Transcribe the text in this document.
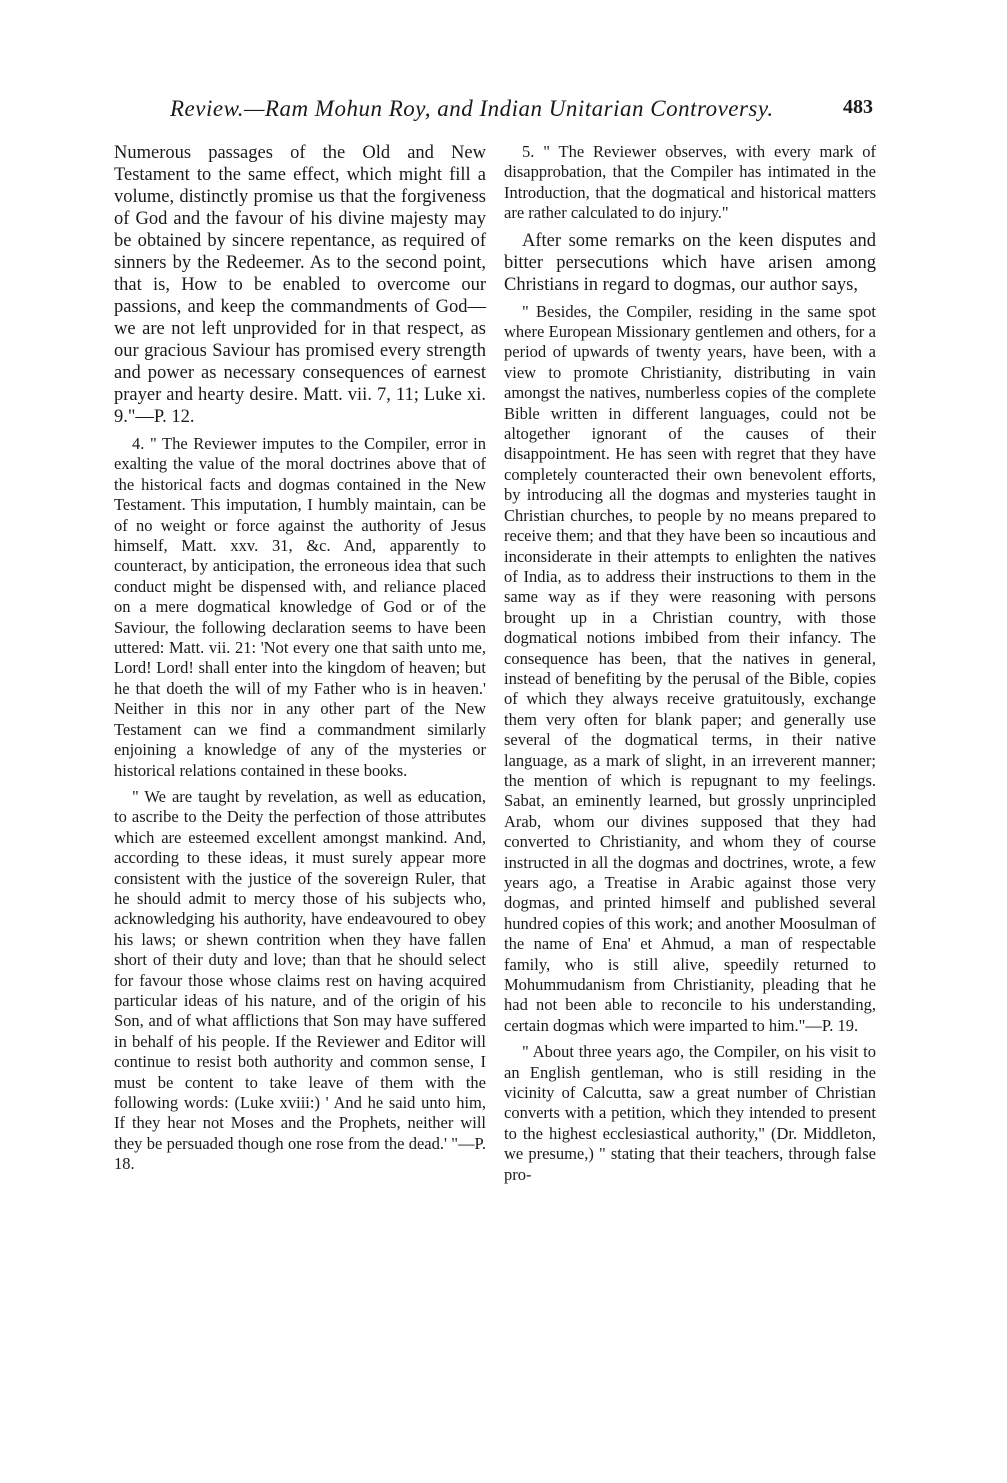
Review.—Ram Mohun Roy, and Indian Unitarian Controversy.	483

Numerous passages of the Old and New Testament to the same effect, which might fill a volume, distinctly promise us that the forgiveness of God and the favour of his divine majesty may be obtained by sincere repentance, as required of sinners by the Redeemer. As to the second point, that is, How to be enabled to overcome our passions, and keep the commandments of God—we are not left unprovided for in that respect, as our gracious Saviour has promised every strength and power as necessary consequences of earnest prayer and hearty desire. Matt. vii. 7, 11; Luke xi. 9."—P. 12.

4. " The Reviewer imputes to the Compiler, error in exalting the value of the moral doctrines above that of the historical facts and dogmas contained in the New Testament. This imputation, I humbly maintain, can be of no weight or force against the authority of Jesus himself, Matt. xxv. 31, &c. And, apparently to counteract, by anticipation, the erroneous idea that such conduct might be dispensed with, and reliance placed on a mere dogmatical knowledge of God or of the Saviour, the following declaration seems to have been uttered: Matt. vii. 21: 'Not every one that saith unto me, Lord! Lord! shall enter into the kingdom of heaven; but he that doeth the will of my Father who is in heaven.' Neither in this nor in any other part of the New Testament can we find a commandment similarly enjoining a knowledge of any of the mysteries or historical relations contained in these books.

" We are taught by revelation, as well as education, to ascribe to the Deity the perfection of those attributes which are esteemed excellent amongst mankind. And, according to these ideas, it must surely appear more consistent with the justice of the sovereign Ruler, that he should admit to mercy those of his subjects who, acknowledging his authority, have endeavoured to obey his laws; or shewn contrition when they have fallen short of their duty and love; than that he should select for favour those whose claims rest on having acquired particular ideas of his nature, and of the origin of his Son, and of what afflictions that Son may have suffered in behalf of his people. If the Reviewer and Editor will continue to resist both authority and common sense, I must be content to take leave of them with the following words: (Luke xviii:) ' And he said unto him, If they hear not Moses and the Prophets, neither will they be persuaded though one rose from the dead.' "—P. 18.

5. " The Reviewer observes, with every mark of disapprobation, that the Compiler has intimated in the Introduction, that the dogmatical and historical matters are rather calculated to do injury."

After some remarks on the keen disputes and bitter persecutions which have arisen among Christians in regard to dogmas, our author says,

" Besides, the Compiler, residing in the same spot where European Missionary gentlemen and others, for a period of upwards of twenty years, have been, with a view to promote Christianity, distributing in vain amongst the natives, numberless copies of the complete Bible written in different languages, could not be altogether ignorant of the causes of their disappointment. He has seen with regret that they have completely counteracted their own benevolent efforts, by introducing all the dogmas and mysteries taught in Christian churches, to people by no means prepared to receive them; and that they have been so incautious and inconsiderate in their attempts to enlighten the natives of India, as to address their instructions to them in the same way as if they were reasoning with persons brought up in a Christian country, with those dogmatical notions imbibed from their infancy. The consequence has been, that the natives in general, instead of benefiting by the perusal of the Bible, copies of which they always receive gratuitously, exchange them very often for blank paper; and generally use several of the dogmatical terms, in their native language, as a mark of slight, in an irreverent manner; the mention of which is repugnant to my feelings. Sabat, an eminently learned, but grossly unprincipled Arab, whom our divines supposed that they had converted to Christianity, and whom they of course instructed in all the dogmas and doctrines, wrote, a few years ago, a Treatise in Arabic against those very dogmas, and printed himself and published several hundred copies of this work; and another Moosulman of the name of Ena' et Ahmud, a man of respectable family, who is still alive, speedily returned to Mohummudanism from Christianity, pleading that he had not been able to reconcile to his understanding, certain dogmas which were imparted to him."—P. 19.

" About three years ago, the Compiler, on his visit to an English gentleman, who is still residing in the vicinity of Calcutta, saw a great number of Christian converts with a petition, which they intended to present to the highest ecclesiastical authority," (Dr. Middleton, we presume,) " stating that their teachers, through false pro-
